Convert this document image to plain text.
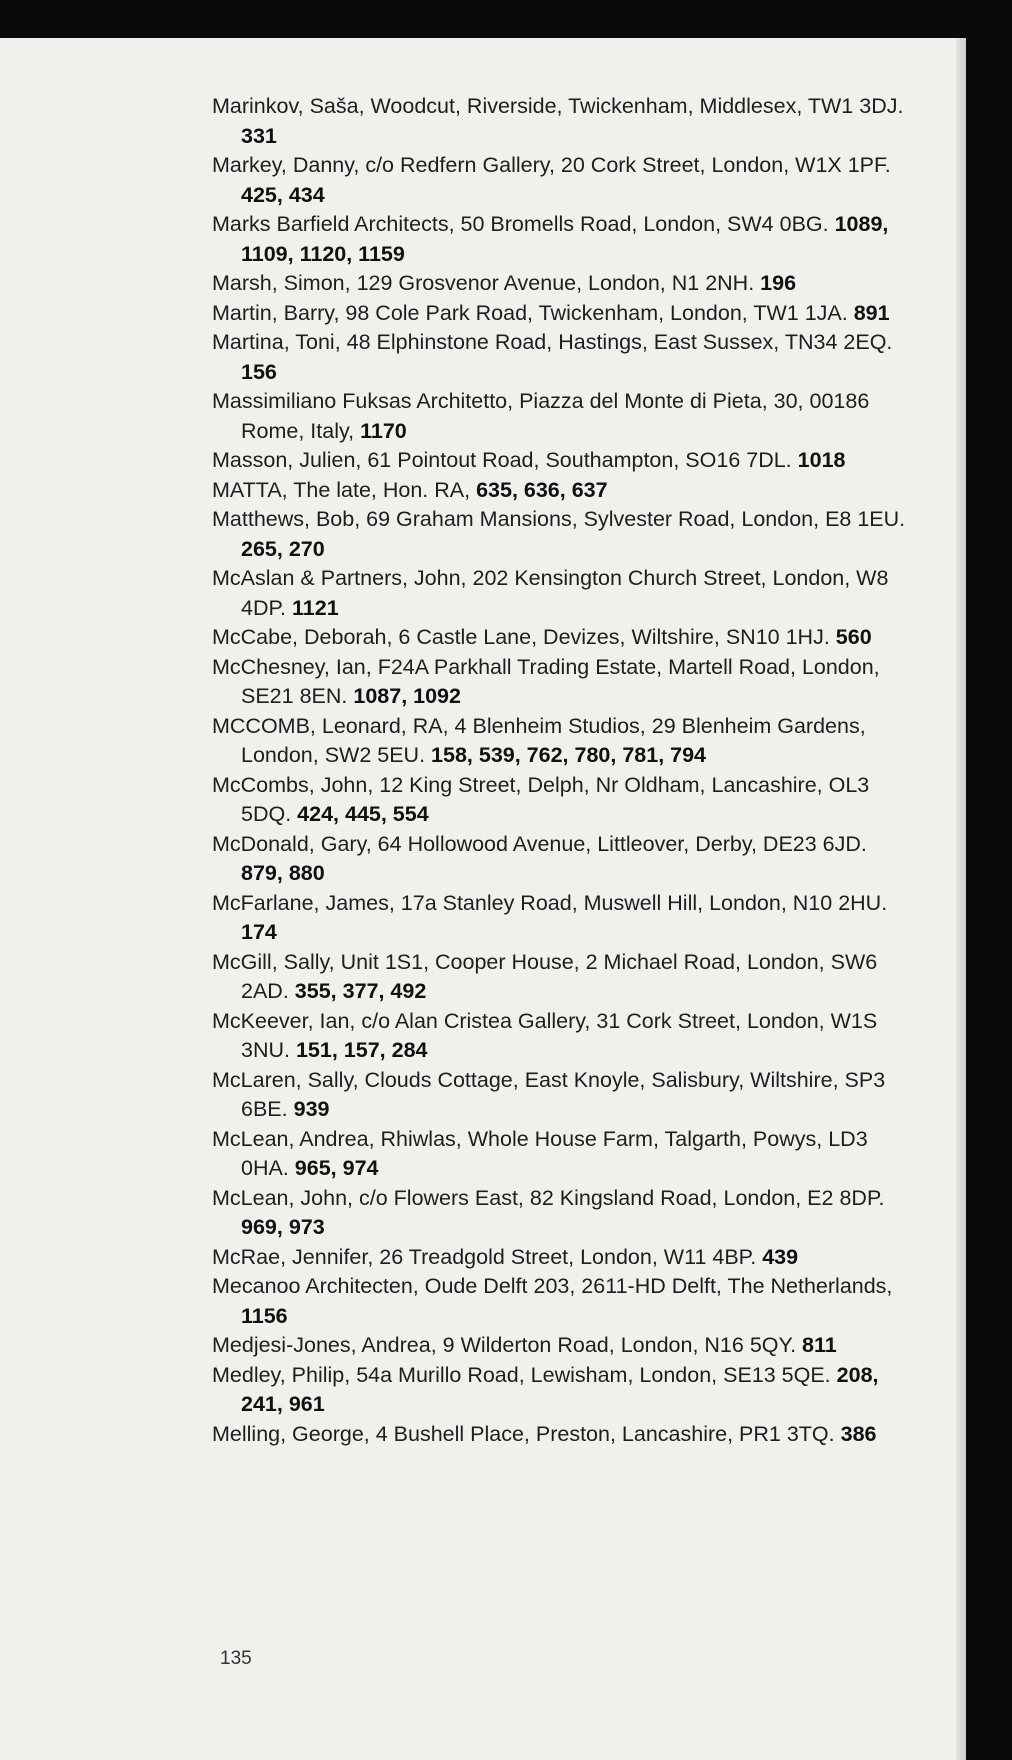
Marinkov, Saša, Woodcut, Riverside, Twickenham, Middlesex, TW1 3DJ. 331
Markey, Danny, c/o Redfern Gallery, 20 Cork Street, London, W1X 1PF. 425, 434
Marks Barfield Architects, 50 Bromells Road, London, SW4 0BG. 1089, 1109, 1120, 1159
Marsh, Simon, 129 Grosvenor Avenue, London, N1 2NH. 196
Martin, Barry, 98 Cole Park Road, Twickenham, London, TW1 1JA. 891
Martina, Toni, 48 Elphinstone Road, Hastings, East Sussex, TN34 2EQ. 156
Massimiliano Fuksas Architetto, Piazza del Monte di Pieta, 30, 00186 Rome, Italy, 1170
Masson, Julien, 61 Pointout Road, Southampton, SO16 7DL. 1018
MATTA, The late, Hon. RA, 635, 636, 637
Matthews, Bob, 69 Graham Mansions, Sylvester Road, London, E8 1EU. 265, 270
McAslan & Partners, John, 202 Kensington Church Street, London, W8 4DP. 1121
McCabe, Deborah, 6 Castle Lane, Devizes, Wiltshire, SN10 1HJ. 560
McChesney, Ian, F24A Parkhall Trading Estate, Martell Road, London, SE21 8EN. 1087, 1092
MCCOMB, Leonard, RA, 4 Blenheim Studios, 29 Blenheim Gardens, London, SW2 5EU. 158, 539, 762, 780, 781, 794
McCombs, John, 12 King Street, Delph, Nr Oldham, Lancashire, OL3 5DQ. 424, 445, 554
McDonald, Gary, 64 Hollowood Avenue, Littleover, Derby, DE23 6JD. 879, 880
McFarlane, James, 17a Stanley Road, Muswell Hill, London, N10 2HU. 174
McGill, Sally, Unit 1S1, Cooper House, 2 Michael Road, London, SW6 2AD. 355, 377, 492
McKeever, Ian, c/o Alan Cristea Gallery, 31 Cork Street, London, W1S 3NU. 151, 157, 284
McLaren, Sally, Clouds Cottage, East Knoyle, Salisbury, Wiltshire, SP3 6BE. 939
McLean, Andrea, Rhiwlas, Whole House Farm, Talgarth, Powys, LD3 0HA. 965, 974
McLean, John, c/o Flowers East, 82 Kingsland Road, London, E2 8DP. 969, 973
McRae, Jennifer, 26 Treadgold Street, London, W11 4BP. 439
Mecanoo Architecten, Oude Delft 203, 2611-HD Delft, The Netherlands, 1156
Medjesi-Jones, Andrea, 9 Wilderton Road, London, N16 5QY. 811
Medley, Philip, 54a Murillo Road, Lewisham, London, SE13 5QE. 208, 241, 961
Melling, George, 4 Bushell Place, Preston, Lancashire, PR1 3TQ. 386
135
